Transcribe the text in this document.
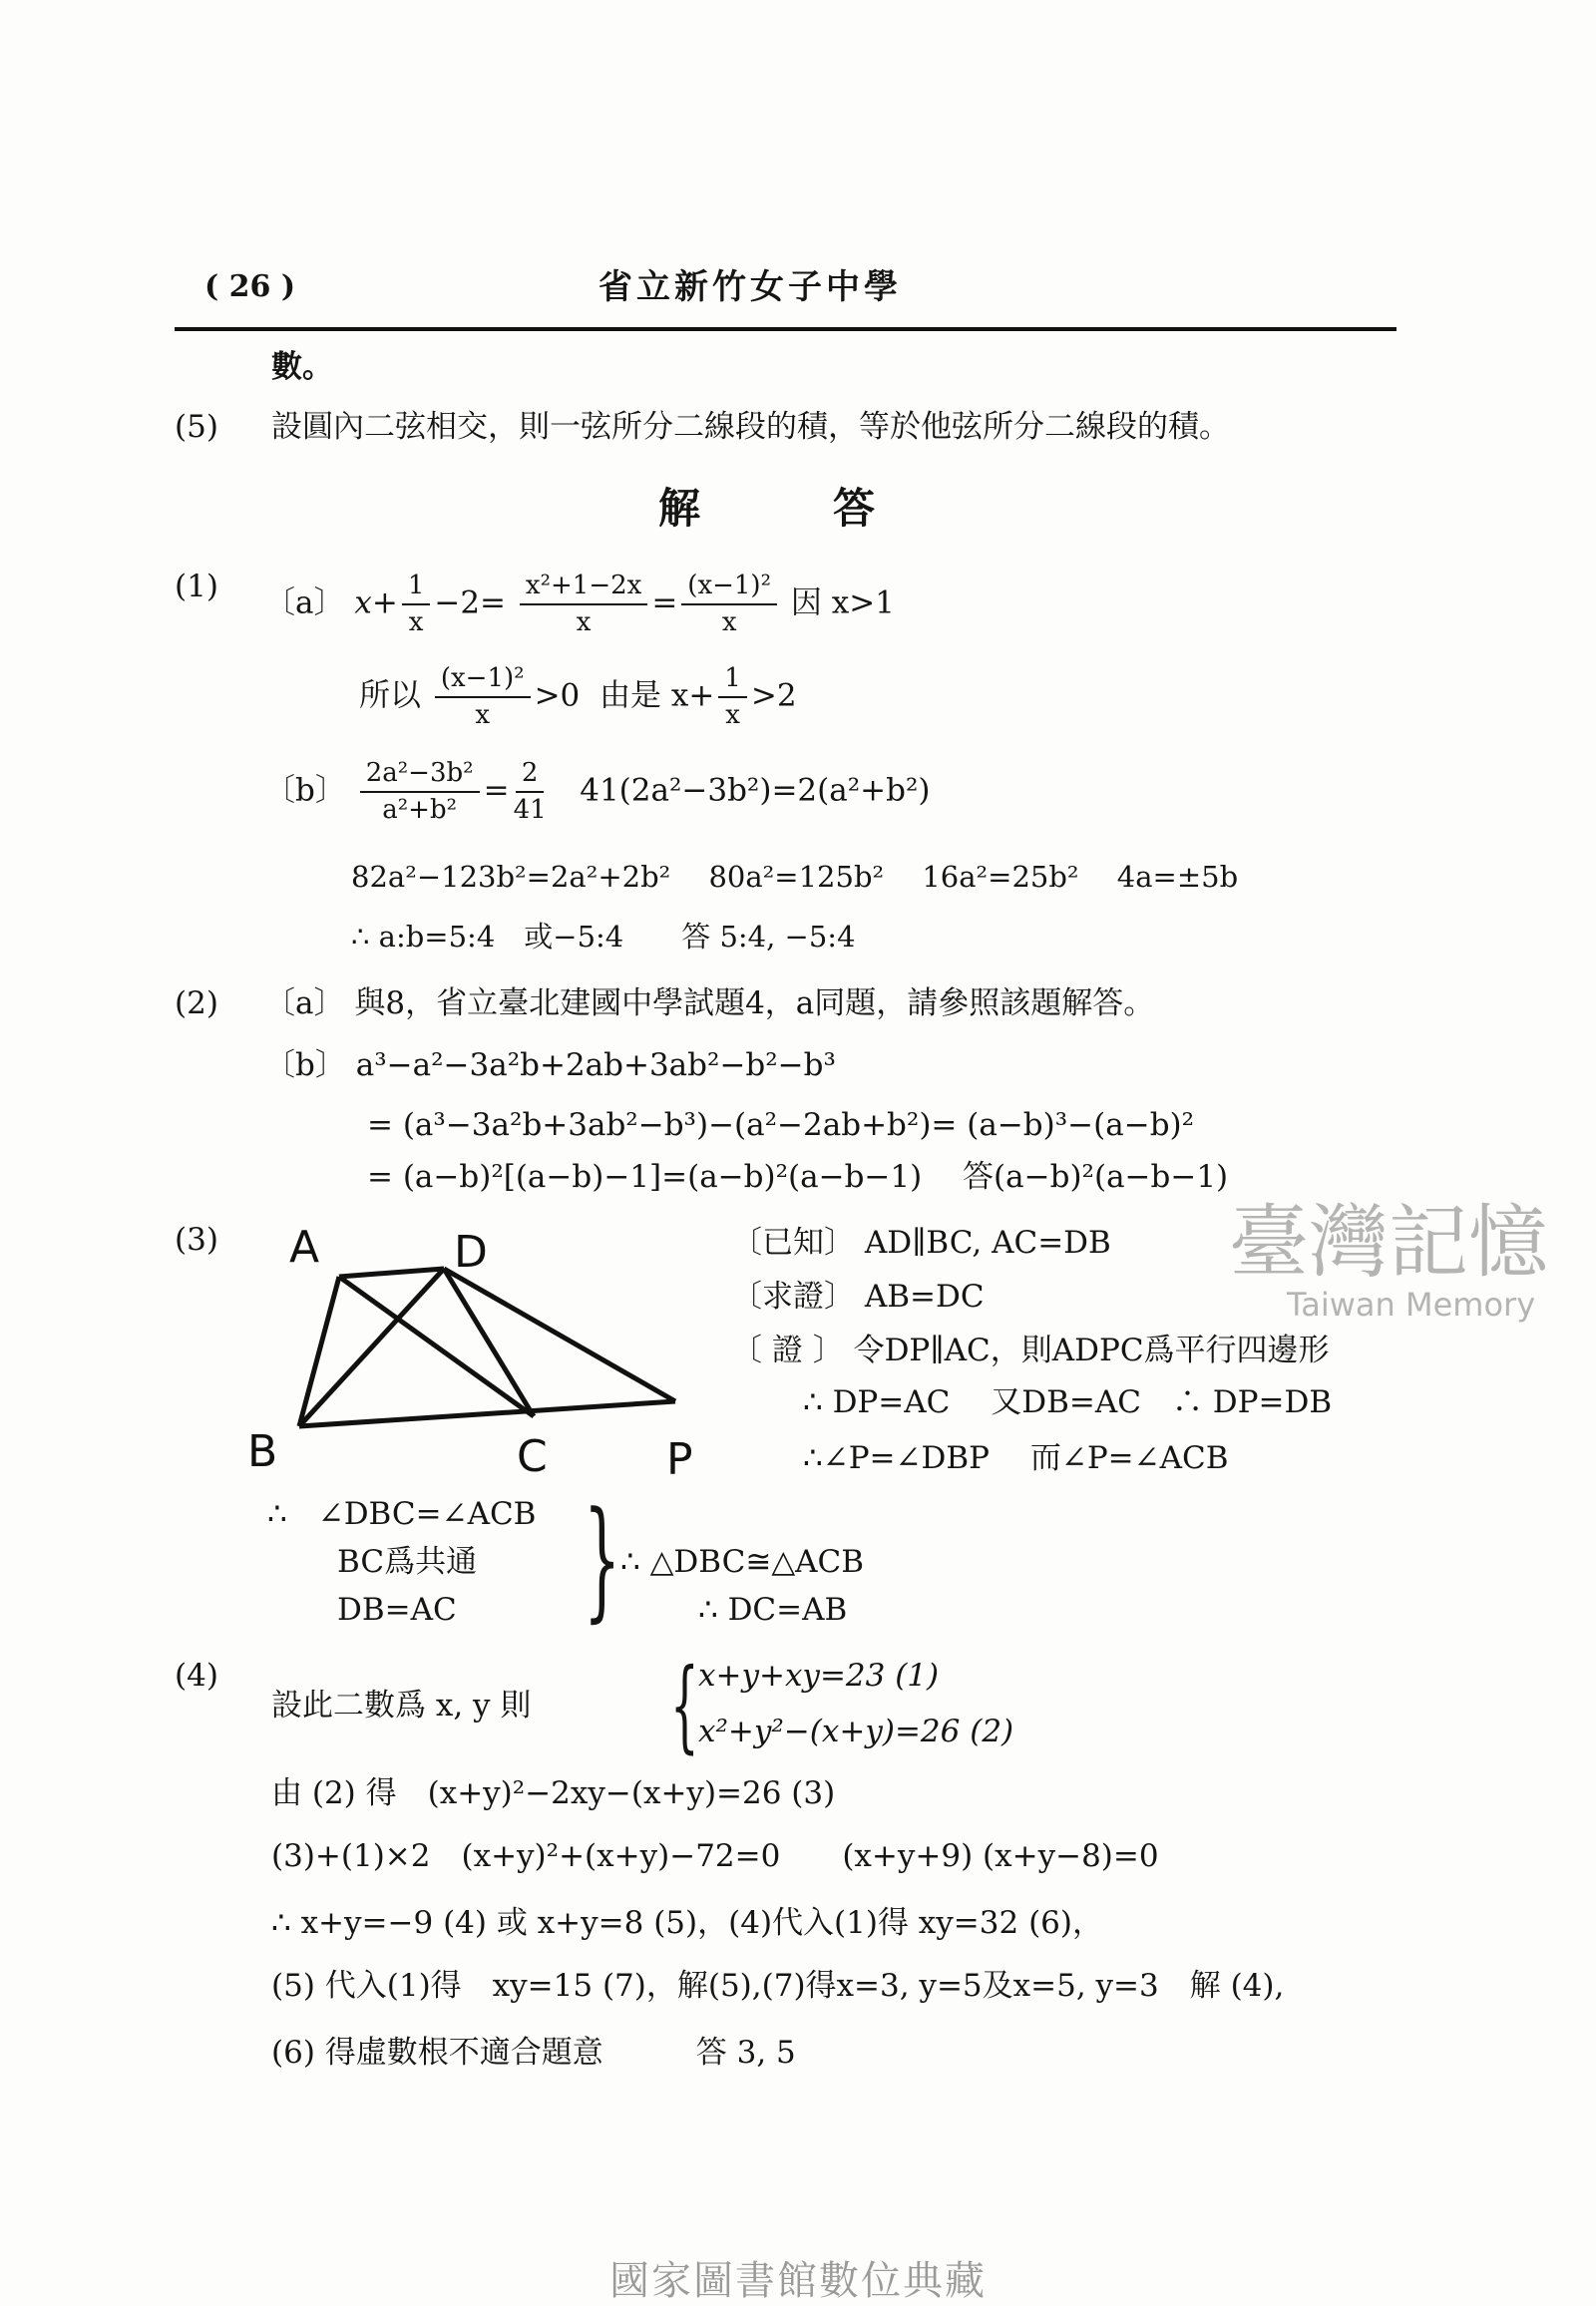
( 26 )	省立新竹女子中學
數。
(5) 設圓內二弦相交，則一弦所分二線段的積，等於他弦所分二線段的積。
解	答
(1) 〔a〕 $x+ \frac{1}{x} -2= \frac{\text{x²+1−2x}}{x} = \frac{\text{(x−1)²}}{x}$ 因 x>1
所以 $\frac{\text{(x−1)²}}{x} >0$ 由是 $x+ \frac{1}{x} >2$
〔b〕 $\frac{\text{2a²−3b²}}{\text{a²+b²}} = \frac{2}{41} 41(2a^2-3b^2)=2(a^2+b^2)$
82a²−123b²=2a²+2b²　 80a²=125b²　 16a²=25b²　 4a=±5b
∴ a:b=5:4　或−5:4　　答 5:4, −5:4
(2) 〔a〕 與8，省立臺北建國中學試題4，a同題，請參照該題解答。
〔b〕 a³−a²−3a²b+2ab+3ab²−b²−b³
= (a³−3a²b+3ab²−b³)−(a²−2ab+b²)= (a−b)³−(a−b)²
= (a−b)²[(a−b)−1]=(a−b)²(a−b−1)　 答(a−b)²(a−b−1)
(3) A	D
B	C	P
〔已知〕 AD∥BC, AC=DB
〔求證〕 AB=DC
〔 證 〕 令DP∥AC，則ADPC爲平行四邊形
∴ DP=AC　 又DB=AC　∴ DP=DB
∴∠P=∠DBP　 而∠P=∠ACB
∴　∠DBC=∠ACB
BC爲共通
DB=AC } ∴ △DBC≅△ACB
∴ DC=AB
(4)
設此二數爲 x, y 則 { x+y+xy=23 (1)
x²+y²−(x+y)=26 (2)
由 (2) 得　(x+y)²−2xy−(x+y)=26 (3)
(3)+(1)×2　(x+y)²+(x+y)−72=0　　(x+y+9) (x+y−8)=0
∴ x+y=−9 (4) 或 x+y=8 (5)，(4)代入(1)得 xy=32 (6)，
(5) 代入(1)得　xy=15 (7)，解(5),(7)得x=3, y=5及x=5, y=3　解 (4),
(6) 得虛數根不適合題意　　　答 3, 5
臺灣記憶
Taiwan Memory
國家圖書館數位典藏
